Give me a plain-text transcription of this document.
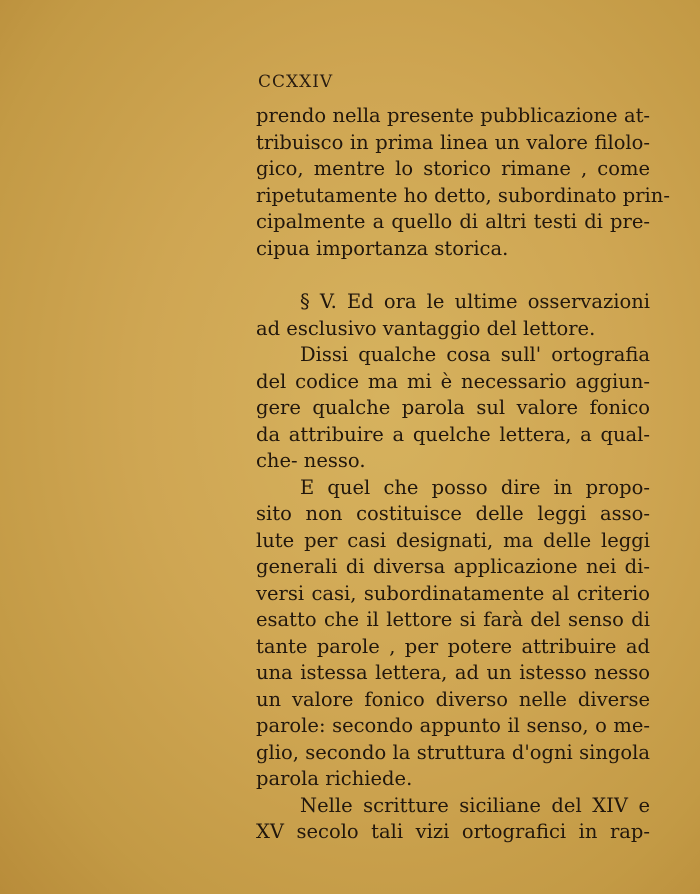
CCXXIV
prendo nella presente pubblicazione at-
tribuisco in prima linea un valore filolo-
gico, mentre lo storico rimane , come
ripetutamente ho detto, subordinato prin-
cipalmente a quello di altri testi di pre-
cipua importanza storica.
§ V. Ed ora le ultime osservazioni
ad esclusivo vantaggio del lettore.
Dissi qualche cosa sull' ortografia
del codice ma mi è necessario aggiun-
gere qualche parola sul valore fonico
da attribuire a quelche lettera, a qual-
che- nesso.
E quel che posso dire in propo-
sito non costituisce delle leggi asso-
lute per casi designati, ma delle leggi
generali di diversa applicazione nei di-
versi casi, subordinatamente al criterio
esatto che il lettore si farà del senso di
tante parole , per potere attribuire ad
una istessa lettera, ad un istesso nesso
un valore fonico diverso nelle diverse
parole: secondo appunto il senso, o me-
glio, secondo la struttura d'ogni singola
parola richiede.
Nelle scritture siciliane del XIV e
XV secolo tali vizi ortografici in rap-
